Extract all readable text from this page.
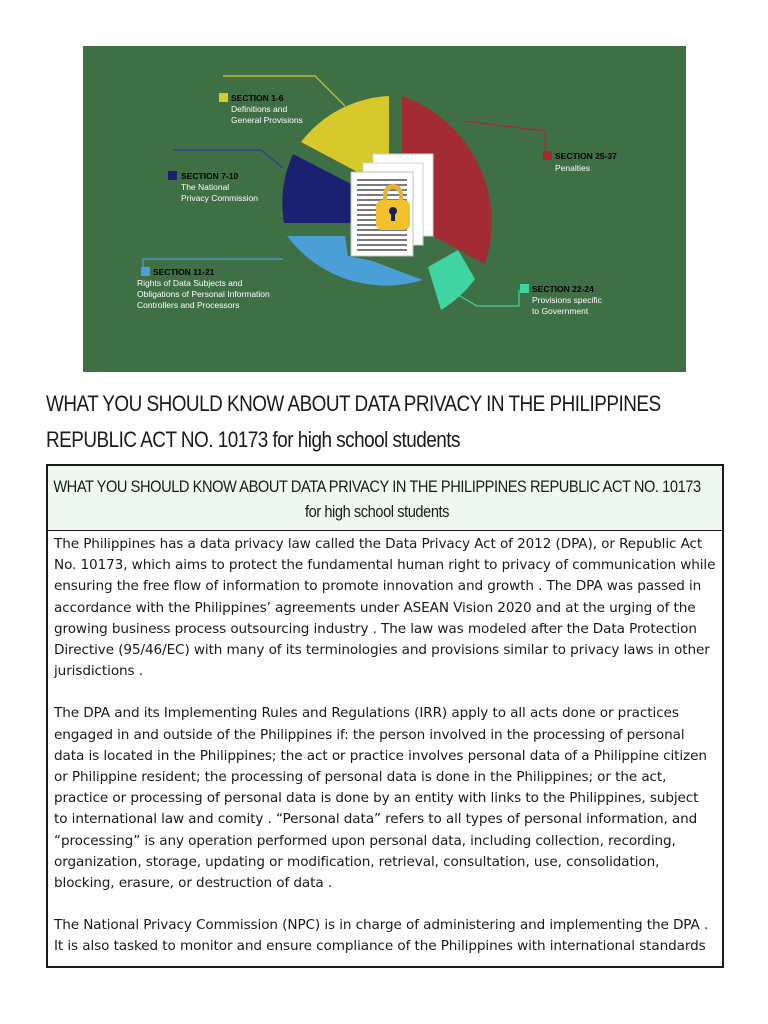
SECTION 1-6
Definitions and
General Provisions
SECTION 7-10
The National
Privacy Commission
SECTION 11-21
Rights of Data Subjects and
Obligations of Personal Information
Controllers and Processors
SECTION 22-24
Provisions specific
to Government
SECTION 25-37
Penalties
WHAT YOU SHOULD KNOW ABOUT DATA PRIVACY IN THE PHILIPPINES REPUBLIC ACT NO. 10173 for high school students
WHAT YOU SHOULD KNOW ABOUT DATA PRIVACY IN THE PHILIPPINES REPUBLIC ACT NO. 10173 for high school students

The Philippines has a data privacy law called the Data Privacy Act of 2012 (DPA), or Republic Act No. 10173, which aims to protect the fundamental human right to privacy of communication while ensuring the free flow of information to promote innovation and growth . The DPA was passed in accordance with the Philippines’ agreements under ASEAN Vision 2020 and at the urging of the growing business process outsourcing industry . The law was modeled after the Data Protection Directive (95/46/EC) with many of its terminologies and provisions similar to privacy laws in other jurisdictions .

The DPA and its Implementing Rules and Regulations (IRR) apply to all acts done or practices engaged in and outside of the Philippines if: the person involved in the processing of personal data is located in the Philippines; the act or practice involves personal data of a Philippine citizen or Philippine resident; the processing of personal data is done in the Philippines; or the act, practice or processing of personal data is done by an entity with links to the Philippines, subject to international law and comity . “Personal data” refers to all types of personal information, and “processing” is any operation performed upon personal data, including collection, recording, organization, storage, updating or modification, retrieval, consultation, use, consolidation, blocking, erasure, or destruction of data .

The National Privacy Commission (NPC) is in charge of administering and implementing the DPA . It is also tasked to monitor and ensure compliance of the Philippines with international standards
